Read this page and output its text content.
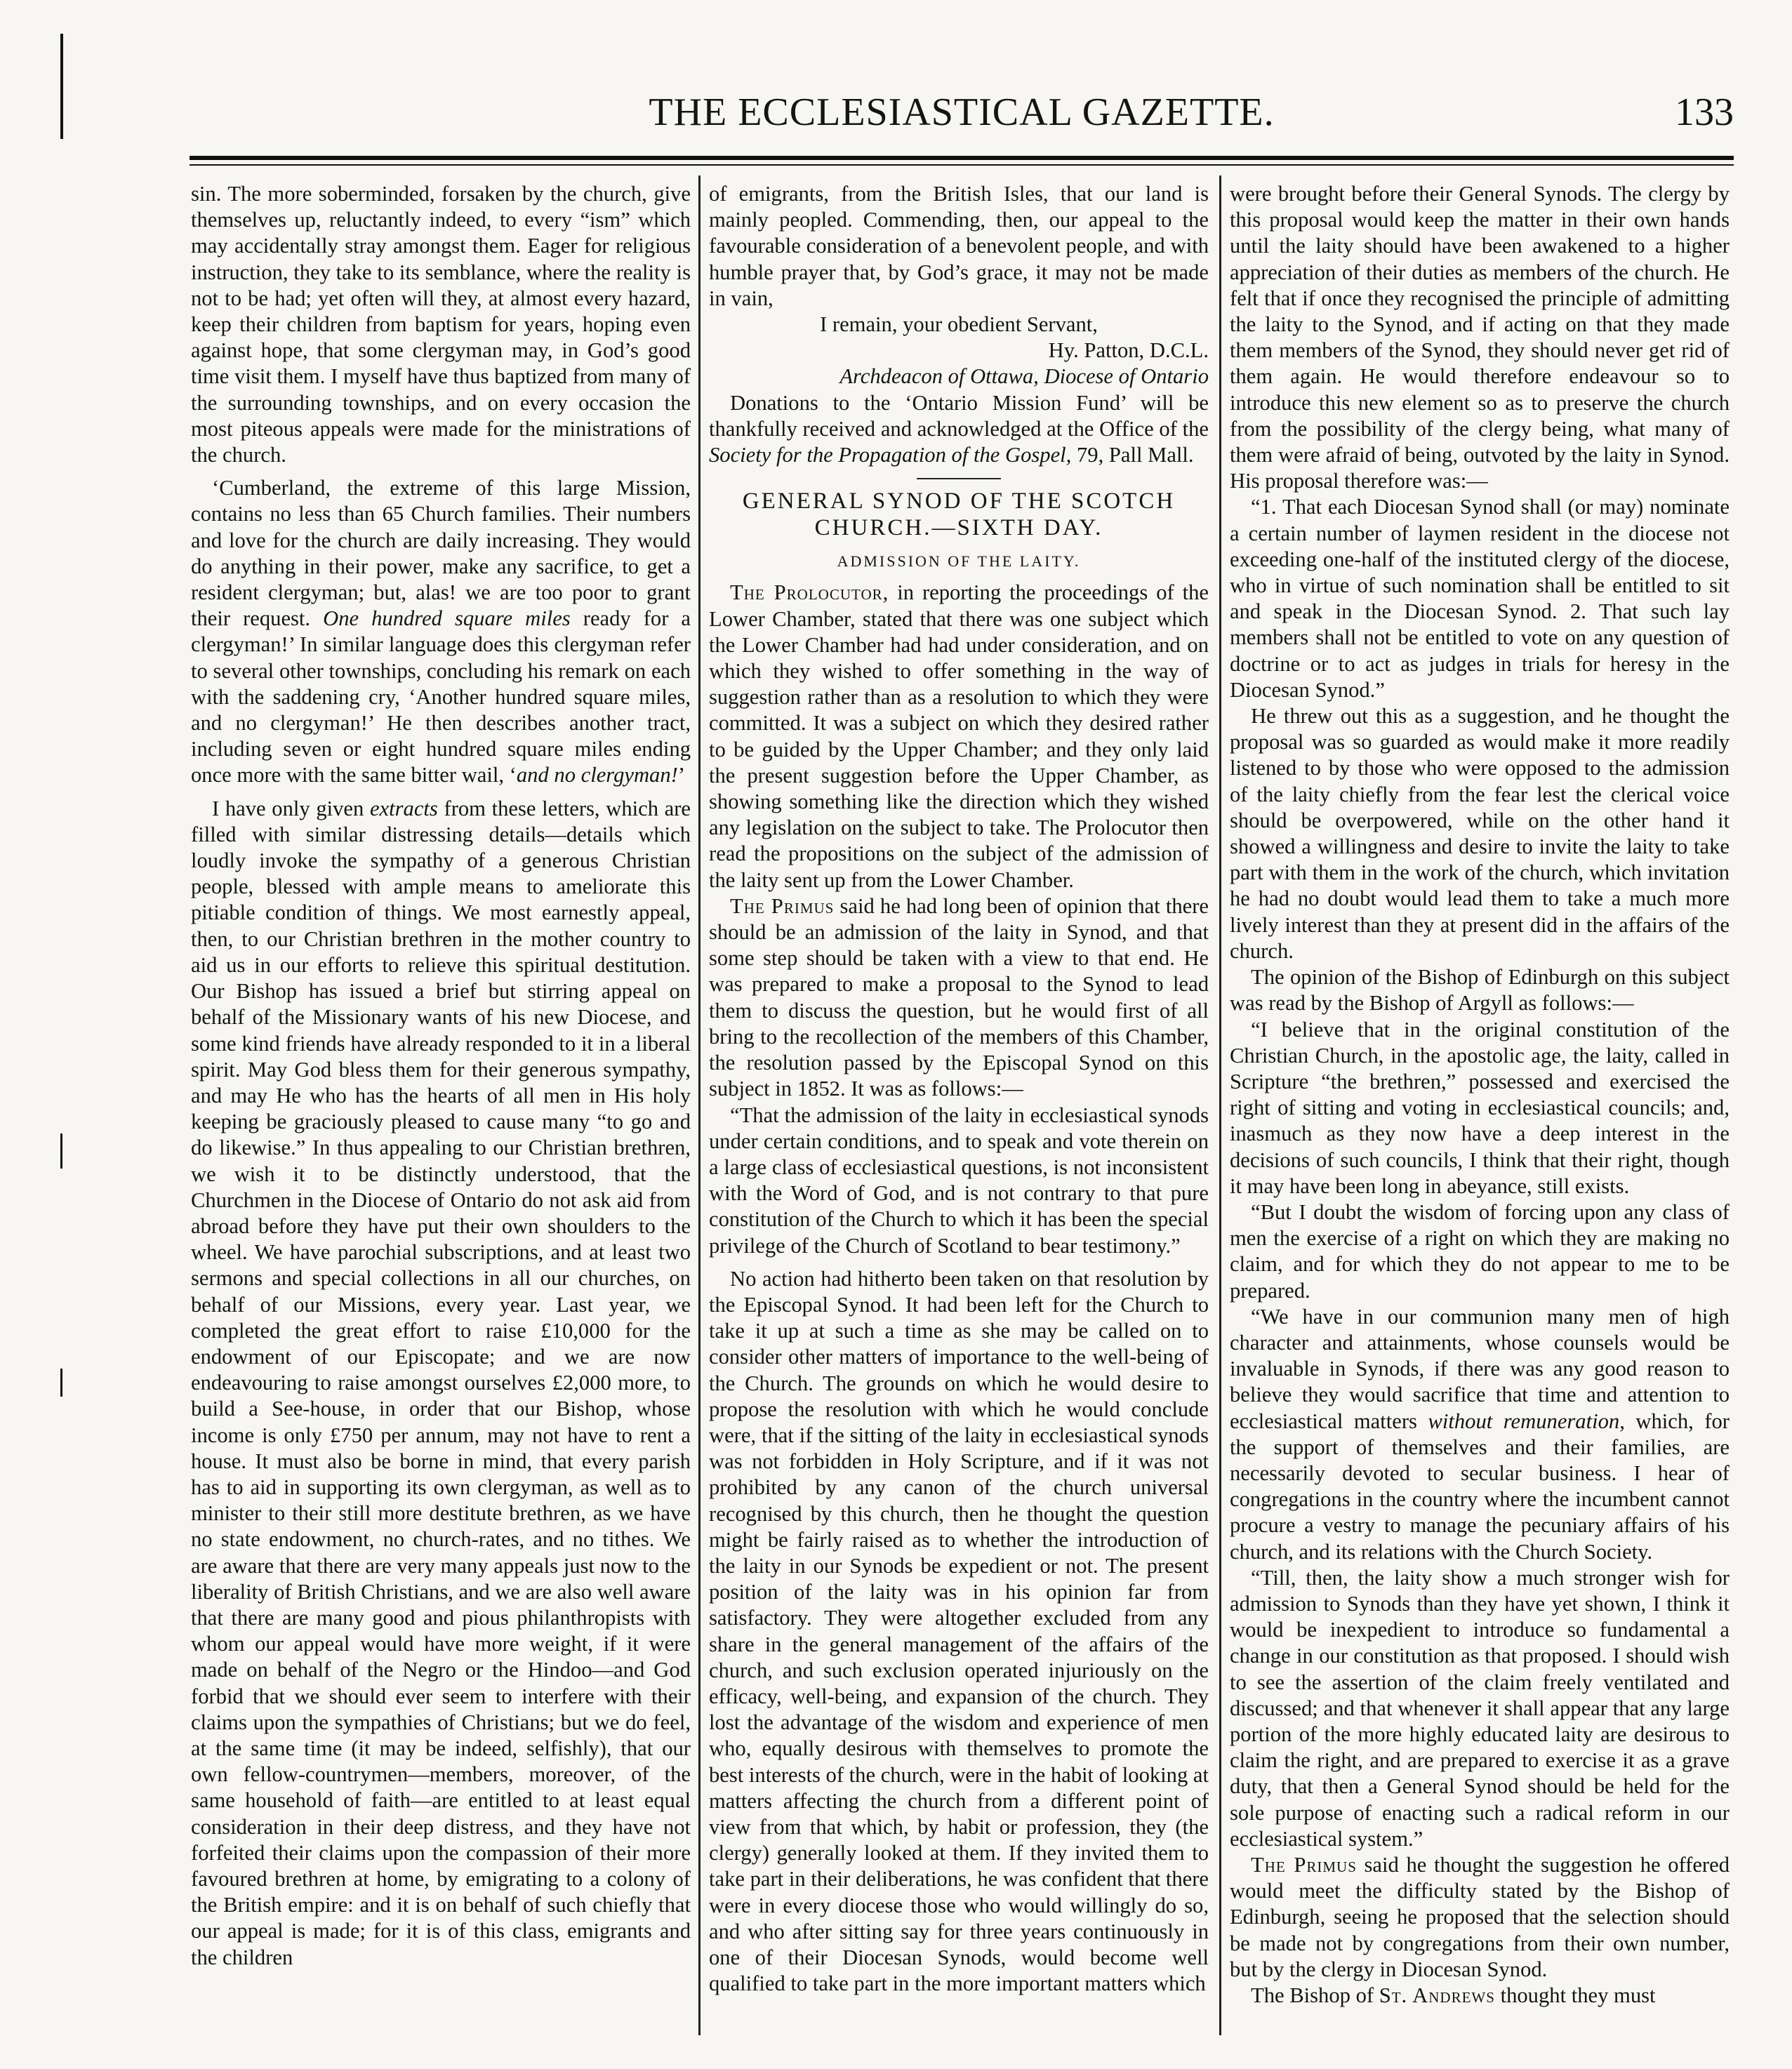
THE ECCLESIASTICAL GAZETTE.	133

sin. The more soberminded, forsaken by the church, give themselves up, reluctantly indeed, to every “ism” which may accidentally stray amongst them. Eager for religious instruction, they take to its semblance, where the reality is not to be had; yet often will they, at almost every hazard, keep their children from baptism for years, hoping even against hope, that some clergyman may, in God’s good time visit them. I myself have thus baptized from many of the surrounding townships, and on every occasion the most piteous appeals were made for the ministrations of the church.

‘Cumberland, the extreme of this large Mission, contains no less than 65 Church families. Their numbers and love for the church are daily increasing. They would do anything in their power, make any sacrifice, to get a resident clergyman; but, alas! we are too poor to grant their request. One hundred square miles ready for a clergyman!’ In similar language does this clergyman refer to several other townships, concluding his remark on each with the saddening cry, ‘Another hundred square miles, and no clergyman!’ He then describes another tract, including seven or eight hundred square miles ending once more with the same bitter wail, ‘and no clergyman!’

I have only given extracts from these letters, which are filled with similar distressing details—details which loudly invoke the sympathy of a generous Christian people, blessed with ample means to ameliorate this pitiable condition of things. We most earnestly appeal, then, to our Christian brethren in the mother country to aid us in our efforts to relieve this spiritual destitution. Our Bishop has issued a brief but stirring appeal on behalf of the Missionary wants of his new Diocese, and some kind friends have already responded to it in a liberal spirit. May God bless them for their generous sympathy, and may He who has the hearts of all men in His holy keeping be graciously pleased to cause many “to go and do likewise.” In thus appealing to our Christian brethren, we wish it to be distinctly understood, that the Churchmen in the Diocese of Ontario do not ask aid from abroad before they have put their own shoulders to the wheel. We have parochial subscriptions, and at least two sermons and special collections in all our churches, on behalf of our Missions, every year. Last year, we completed the great effort to raise £10,000 for the endowment of our Episcopate; and we are now endeavouring to raise amongst ourselves £2,000 more, to build a See-house, in order that our Bishop, whose income is only £750 per annum, may not have to rent a house. It must also be borne in mind, that every parish has to aid in supporting its own clergyman, as well as to minister to their still more destitute brethren, as we have no state endowment, no church-rates, and no tithes. We are aware that there are very many appeals just now to the liberality of British Christians, and we are also well aware that there are many good and pious philanthropists with whom our appeal would have more weight, if it were made on behalf of the Negro or the Hindoo—and God forbid that we should ever seem to interfere with their claims upon the sympathies of Christians; but we do feel, at the same time (it may be indeed, selfishly), that our own fellow-countrymen—members, moreover, of the same household of faith—are entitled to at least equal consideration in their deep distress, and they have not forfeited their claims upon the compassion of their more favoured brethren at home, by emigrating to a colony of the British empire: and it is on behalf of such chiefly that our appeal is made; for it is of this class, emigrants and the children

of emigrants, from the British Isles, that our land is mainly peopled. Commending, then, our appeal to the favourable consideration of a benevolent people, and with humble prayer that, by God’s grace, it may not be made in vain,

I remain, your obedient Servant,

Hy. Patton, D.C.L.

Archdeacon of Ottawa, Diocese of Ontario

Donations to the ‘Ontario Mission Fund’ will be thankfully received and acknowledged at the Office of the Society for the Propagation of the Gospel, 79, Pall Mall.

GENERAL SYNOD OF THE SCOTCH CHURCH.—SIXTH DAY.
ADMISSION OF THE LAITY.

The Prolocutor, in reporting the proceedings of the Lower Chamber, stated that there was one subject which the Lower Chamber had had under consideration, and on which they wished to offer something in the way of suggestion rather than as a resolution to which they were committed. It was a subject on which they desired rather to be guided by the Upper Chamber; and they only laid the present suggestion before the Upper Chamber, as showing something like the direction which they wished any legislation on the subject to take. The Prolocutor then read the propositions on the subject of the admission of the laity sent up from the Lower Chamber.

The Primus said he had long been of opinion that there should be an admission of the laity in Synod, and that some step should be taken with a view to that end. He was prepared to make a proposal to the Synod to lead them to discuss the question, but he would first of all bring to the recollection of the members of this Chamber, the resolution passed by the Episcopal Synod on this subject in 1852. It was as follows:—

“That the admission of the laity in ecclesiastical synods under certain conditions, and to speak and vote therein on a large class of ecclesiastical questions, is not inconsistent with the Word of God, and is not contrary to that pure constitution of the Church to which it has been the special privilege of the Church of Scotland to bear testimony.”

No action had hitherto been taken on that resolution by the Episcopal Synod. It had been left for the Church to take it up at such a time as she may be called on to consider other matters of importance to the well-being of the Church. The grounds on which he would desire to propose the resolution with which he would conclude were, that if the sitting of the laity in ecclesiastical synods was not forbidden in Holy Scripture, and if it was not prohibited by any canon of the church universal recognised by this church, then he thought the question might be fairly raised as to whether the introduction of the laity in our Synods be expedient or not. The present position of the laity was in his opinion far from satisfactory. They were altogether excluded from any share in the general management of the affairs of the church, and such exclusion operated injuriously on the efficacy, well-being, and expansion of the church. They lost the advantage of the wisdom and experience of men who, equally desirous with themselves to promote the best interests of the church, were in the habit of looking at matters affecting the church from a different point of view from that which, by habit or profession, they (the clergy) generally looked at them. If they invited them to take part in their deliberations, he was confident that there were in every diocese those who would willingly do so, and who after sitting say for three years continuously in one of their Diocesan Synods, would become well qualified to take part in the more important matters which

were brought before their General Synods. The clergy by this proposal would keep the matter in their own hands until the laity should have been awakened to a higher appreciation of their duties as members of the church. He felt that if once they recognised the principle of admitting the laity to the Synod, and if acting on that they made them members of the Synod, they should never get rid of them again. He would therefore endeavour so to introduce this new element so as to preserve the church from the possibility of the clergy being, what many of them were afraid of being, outvoted by the laity in Synod. His proposal therefore was:—

“1. That each Diocesan Synod shall (or may) nominate a certain number of laymen resident in the diocese not exceeding one-half of the instituted clergy of the diocese, who in virtue of such nomination shall be entitled to sit and speak in the Diocesan Synod. 2. That such lay members shall not be entitled to vote on any question of doctrine or to act as judges in trials for heresy in the Diocesan Synod.”

He threw out this as a suggestion, and he thought the proposal was so guarded as would make it more readily listened to by those who were opposed to the admission of the laity chiefly from the fear lest the clerical voice should be overpowered, while on the other hand it showed a willingness and desire to invite the laity to take part with them in the work of the church, which invitation he had no doubt would lead them to take a much more lively interest than they at present did in the affairs of the church.

The opinion of the Bishop of Edinburgh on this subject was read by the Bishop of Argyll as follows:—

“I believe that in the original constitution of the Christian Church, in the apostolic age, the laity, called in Scripture “the brethren,” possessed and exercised the right of sitting and voting in ecclesiastical councils; and, inasmuch as they now have a deep interest in the decisions of such councils, I think that their right, though it may have been long in abeyance, still exists.

“But I doubt the wisdom of forcing upon any class of men the exercise of a right on which they are making no claim, and for which they do not appear to me to be prepared.

“We have in our communion many men of high character and attainments, whose counsels would be invaluable in Synods, if there was any good reason to believe they would sacrifice that time and attention to ecclesiastical matters without remuneration, which, for the support of themselves and their families, are necessarily devoted to secular business. I hear of congregations in the country where the incumbent cannot procure a vestry to manage the pecuniary affairs of his church, and its relations with the Church Society.

“Till, then, the laity show a much stronger wish for admission to Synods than they have yet shown, I think it would be inexpedient to introduce so fundamental a change in our constitution as that proposed. I should wish to see the assertion of the claim freely ventilated and discussed; and that whenever it shall appear that any large portion of the more highly educated laity are desirous to claim the right, and are prepared to exercise it as a grave duty, that then a General Synod should be held for the sole purpose of enacting such a radical reform in our ecclesiastical system.”

The Primus said he thought the suggestion he offered would meet the difficulty stated by the Bishop of Edinburgh, seeing he proposed that the selection should be made not by congregations from their own number, but by the clergy in Diocesan Synod.

The Bishop of St. Andrews thought they must
